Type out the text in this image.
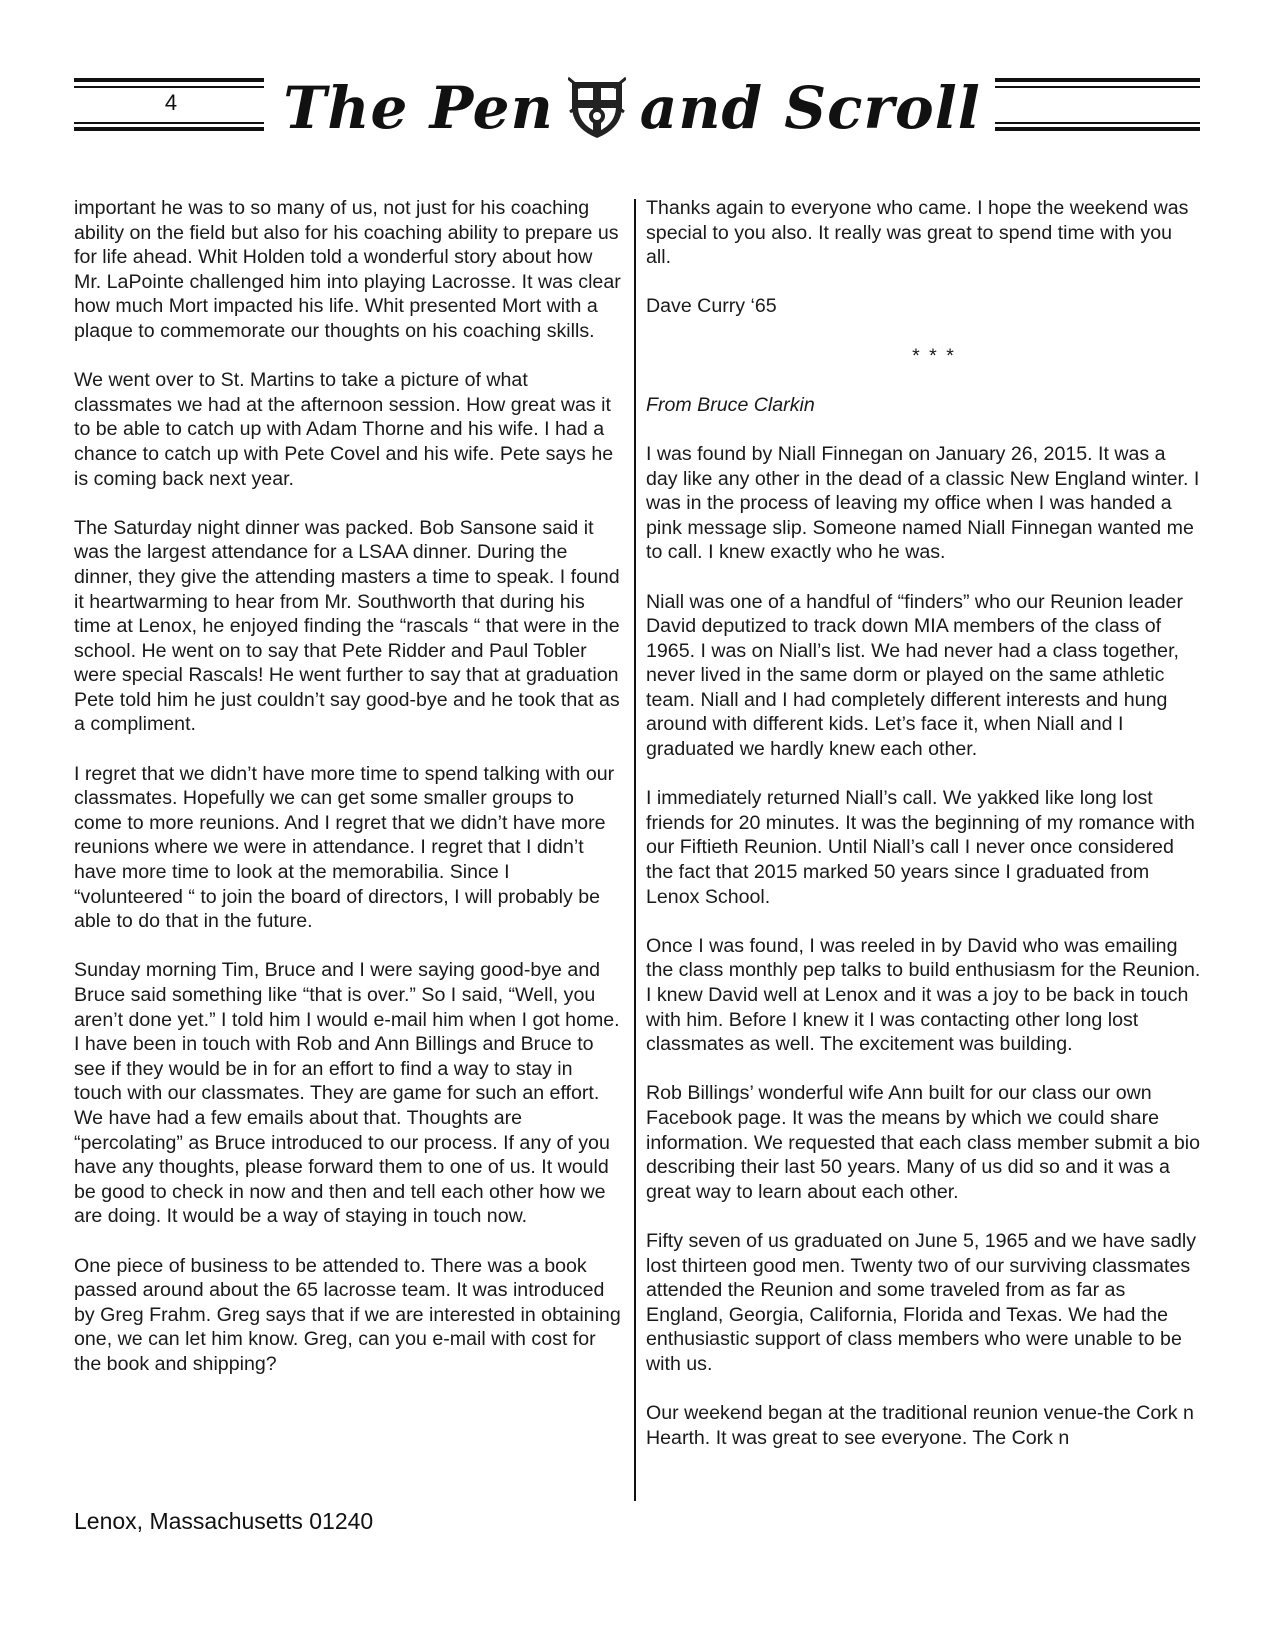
4 The Pen and Scroll

important he was to so many of us, not just for his coaching ability on the field but also for his coaching ability to prepare us for life ahead. Whit Holden told a wonderful story about how Mr. LaPointe challenged him into playing Lacrosse. It was clear how much Mort impacted his life. Whit presented Mort with a plaque to commemorate our thoughts on his coaching skills.

We went over to St. Martins to take a picture of what classmates we had at the afternoon session. How great was it to be able to catch up with Adam Thorne and his wife. I had a chance to catch up with Pete Covel and his wife. Pete says he is coming back next year.

The Saturday night dinner was packed. Bob Sansone said it was the largest attendance for a LSAA dinner. During the dinner, they give the attending masters a time to speak. I found it heartwarming to hear from Mr. Southworth that during his time at Lenox, he enjoyed finding the “rascals “ that were in the school. He went on to say that Pete Ridder and Paul Tobler were special Rascals! He went further to say that at graduation Pete told him he just couldn’t say good-bye and he took that as a compliment.

I regret that we didn’t have more time to spend talking with our classmates. Hopefully we can get some smaller groups to come to more reunions. And I regret that we didn’t have more reunions where we were in attendance. I regret that I didn’t have more time to look at the memorabilia. Since I “volunteered “ to join the board of directors, I will probably be able to do that in the future.

Sunday morning Tim, Bruce and I were saying good-bye and Bruce said something like “that is over.” So I said, “Well, you aren’t done yet.” I told him I would e-mail him when I got home. I have been in touch with Rob and Ann Billings and Bruce to see if they would be in for an effort to find a way to stay in touch with our classmates. They are game for such an effort. We have had a few emails about that. Thoughts are “percolating” as Bruce introduced to our process. If any of you have any thoughts, please forward them to one of us. It would be good to check in now and then and tell each other how we are doing. It would be a way of staying in touch now.

One piece of business to be attended to. There was a book passed around about the 65 lacrosse team. It was introduced by Greg Frahm. Greg says that if we are interested in obtaining one, we can let him know. Greg, can you e-mail with cost for the book and shipping?

Thanks again to everyone who came. I hope the weekend was special to you also. It really was great to spend time with you all.

Dave Curry ‘65

* * *

From Bruce Clarkin

I was found by Niall Finnegan on January 26, 2015. It was a day like any other in the dead of a classic New England winter. I was in the process of leaving my office when I was handed a pink message slip. Someone named Niall Finnegan wanted me to call. I knew exactly who he was.

Niall was one of a handful of “finders” who our Reunion leader David deputized to track down MIA members of the class of 1965. I was on Niall’s list. We had never had a class together, never lived in the same dorm or played on the same athletic team. Niall and I had completely different interests and hung around with different kids. Let’s face it, when Niall and I graduated we hardly knew each other.

I immediately returned Niall’s call. We yakked like long lost friends for 20 minutes. It was the beginning of my romance with our Fiftieth Reunion. Until Niall’s call I never once considered the fact that 2015 marked 50 years since I graduated from Lenox School.

Once I was found, I was reeled in by David who was emailing the class monthly pep talks to build enthusiasm for the Reunion. I knew David well at Lenox and it was a joy to be back in touch with him. Before I knew it I was contacting other long lost classmates as well. The excitement was building.

Rob Billings’ wonderful wife Ann built for our class our own Facebook page. It was the means by which we could share information. We requested that each class member submit a bio describing their last 50 years. Many of us did so and it was a great way to learn about each other.

Fifty seven of us graduated on June 5, 1965 and we have sadly lost thirteen good men. Twenty two of our surviving classmates attended the Reunion and some traveled from as far as England, Georgia, California, Florida and Texas. We had the enthusiastic support of class members who were unable to be with us.

Our weekend began at the traditional reunion venue-the Cork n Hearth. It was great to see everyone. The Cork n

Lenox, Massachusetts 01240
